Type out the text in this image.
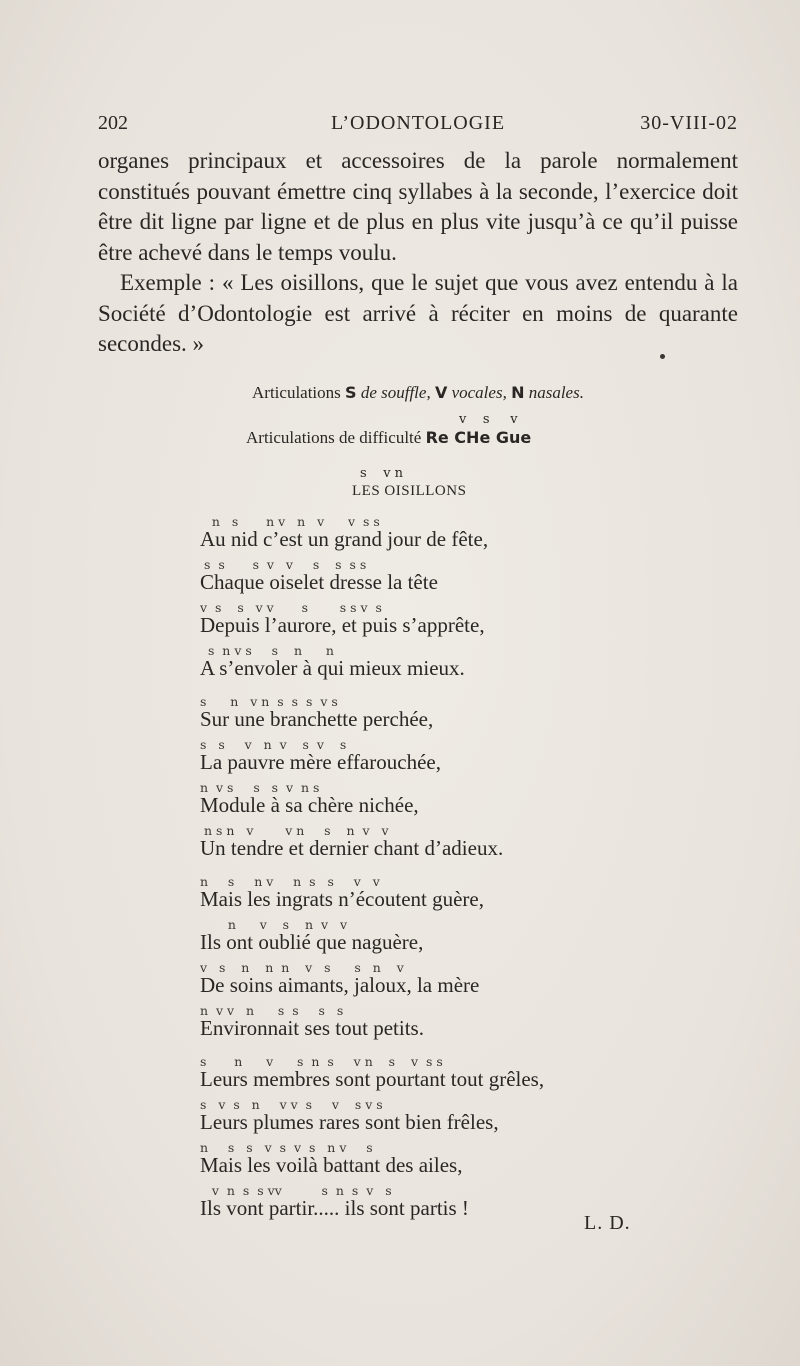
202	L’ODONTOLOGIE	30-VIII-02

organes principaux et accessoires de la parole normalement constitués pouvant émettre cinq syllabes à la seconde, l’exercice doit être dit ligne par ligne et de plus en plus vite jusqu’à ce qu’il puisse être achevé dans le temps voulu.

Exemple : « Les oisillons, que le sujet que vous avez entendu à la Société d’Odontologie est arrivé à réciter en moins de quarante secondes. »

Articulations S de souffle, V vocales, N nasales.
v    s     v
Articulations de difficulté Re CHe Gue
s    v n
LES OISILLONS
n   s       n v   n   v      v  s s
Au nid c’est un grand jour de fête,
s  s       s  v   v     s    s  s s
Chaque oiselet dresse la tête
v  s    s   v v       s        s s v  s
Depuis l’aurore, et puis s’apprête,
s  n v s     s    n      n
A s’envoler à qui mieux mieux.
s      n   v n  s  s  s  v s
Sur une branchette perchée,
s   s     v   n  v    s  v    s
La pauvre mère effarouchée,
n  v s     s   s  v  n s
Module à sa chère nichée,
n s n   v        v n     s    n  v   v
Un tendre et dernier chant d’adieux.
n     s     n v     n  s   s     v   v
Mais les ingrats n’écoutent guère,
n      v    s    n  v   v
Ils ont oublié que naguère,
v   s    n    n  n    v   s      s   n    v
De soins aimants, jaloux, la mère
n  v v   n      s  s     s   s
Environnait ses tout petits.
s       n      v      s  n  s     v n    s    v  s s
Leurs membres sont pourtant tout grêles,
s   v  s   n     v v  s     v    s v s
Leurs plumes rares sont bien frêles,
n     s   s   v  s  v  s   n v     s
Mais les voilà battant des ailes,
v  n  s  s vv          s  n  s  v   s
Ils vont partir..... ils sont partis !
L. D.
